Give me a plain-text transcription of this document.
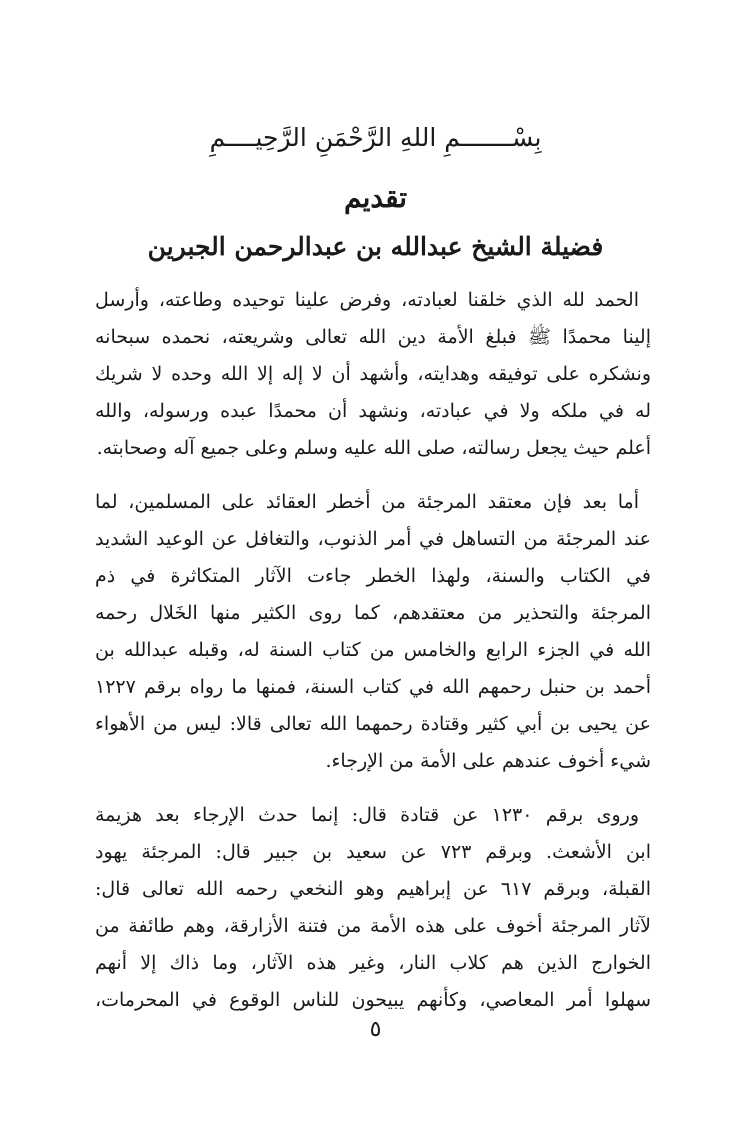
بِسْـــــــمِ اللهِ الرَّحْمَنِ الرَّحِيــــمِ
تقديم
فضيلة الشيخ عبدالله بن عبدالرحمن الجبرين
الحمد لله الذي خلقنا لعبادته، وفرض علينا توحيده وطاعته، وأرسل
إلينا محمدًا ﷺ فبلغ الأمة دين الله تعالى وشريعته، نحمده سبحانه
ونشكره على توفيقه وهدايته، وأشهد أن لا إله إلا الله وحده لا شريك
له في ملكه ولا في عبادته، ونشهد أن محمدًا عبده ورسوله، والله
أعلم حيث يجعل رسالته، صلى الله عليه وسلم وعلى جميع آله وصحابته.
أما بعد فإن معتقد المرجئة من أخطر العقائد على المسلمين، لما
عند المرجئة من التساهل في أمر الذنوب، والتغافل عن الوعيد الشديد
في الكتاب والسنة، ولهذا الخطر جاءت الآثار المتكاثرة في ذم
المرجئة والتحذير من معتقدهم، كما روى الكثير منها الخَلال رحمه
الله في الجزء الرابع والخامس من كتاب السنة له، وقبله عبدالله بن
أحمد بن حنبل رحمهم الله في كتاب السنة، فمنها ما رواه برقم ١٢٢٧
عن يحيى بن أبي كثير وقتادة رحمهما الله تعالى قالا: ليس من الأهواء
شيء أخوف عندهم على الأمة من الإرجاء.
وروى برقم ١٢٣٠ عن قتادة قال: إنما حدث الإرجاء بعد هزيمة
ابن الأشعث. وبرقم ٧٢٣ عن سعيد بن جبير قال: المرجئة يهود
القبلة، وبرقم ٦١٧ عن إبراهيم وهو النخعي رحمه الله تعالى قال:
لآثار المرجئة أخوف على هذه الأمة من فتنة الأزارقة، وهم طائفة من
الخوارج الذين هم كلاب النار، وغير هذه الآثار، وما ذاك إلا أنهم
سهلوا أمر المعاصي، وكأنهم يبيحون للناس الوقوع في المحرمات،
٥
